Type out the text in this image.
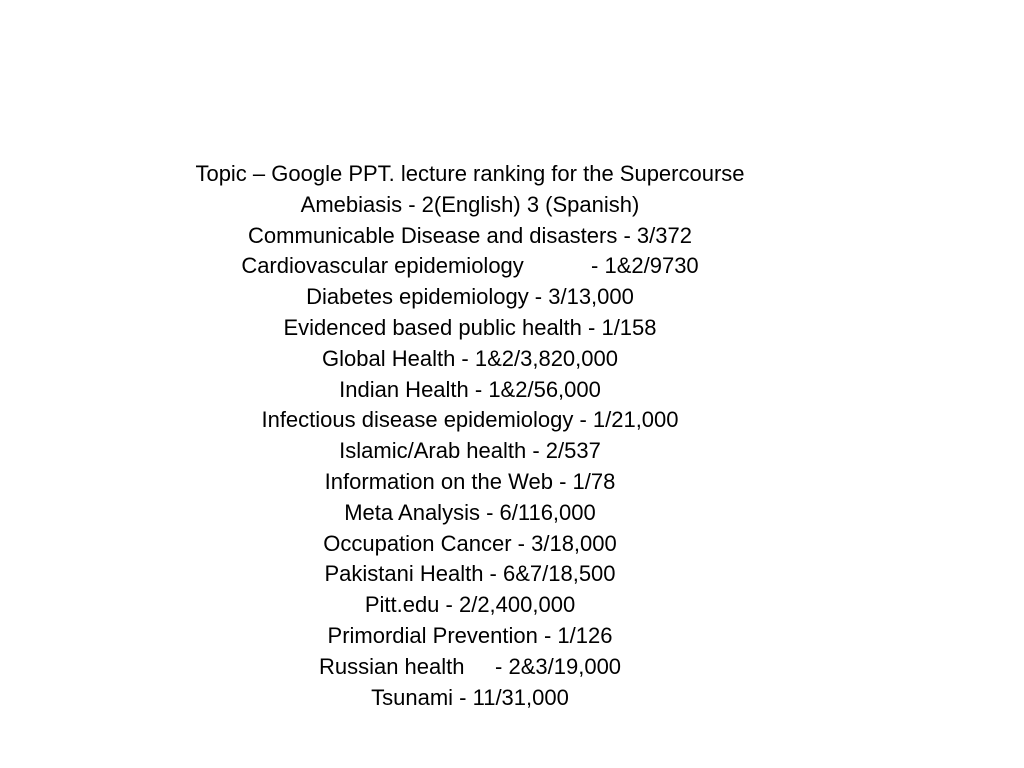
Topic – Google PPT. lecture ranking for the Supercourse
Amebiasis - 2(English) 3 (Spanish)
Communicable Disease and disasters - 3/372
Cardiovascular epidemiology           - 1&2/9730
Diabetes epidemiology - 3/13,000
Evidenced based public health - 1/158
Global Health - 1&2/3,820,000
Indian Health - 1&2/56,000
Infectious disease epidemiology - 1/21,000
Islamic/Arab health - 2/537
Information on the Web - 1/78
Meta Analysis - 6/116,000
Occupation Cancer - 3/18,000
Pakistani Health - 6&7/18,500
Pitt.edu - 2/2,400,000
Primordial Prevention - 1/126
Russian health     - 2&3/19,000
Tsunami - 11/31,000
